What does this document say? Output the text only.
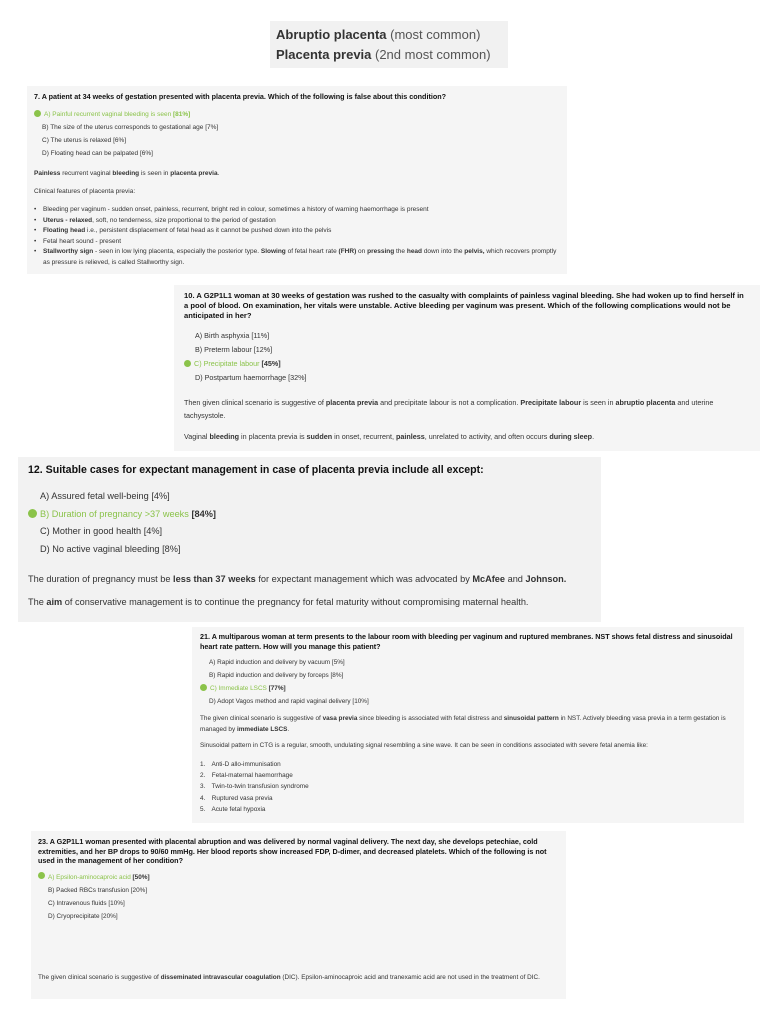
Abruptio placenta (most common)
Placenta previa (2nd most common)
7. A patient at 34 weeks of gestation presented with placenta previa. Which of the following is false about this condition?
A) Painful recurrent vaginal bleeding is seen [81%]
B) The size of the uterus corresponds to gestational age [7%]
C) The uterus is relaxed [6%]
D) Floating head can be palpated [6%]
Painless recurrent vaginal bleeding is seen in placenta previa.
Clinical features of placenta previa:
• Bleeding per vaginum - sudden onset, painless, recurrent, bright red in colour, sometimes a history of warning haemorrhage is present
• Uterus - relaxed, soft, no tenderness, size proportional to the period of gestation
• Floating head i.e., persistent displacement of fetal head as it cannot be pushed down into the pelvis
• Fetal heart sound - present
• Stallworthy sign - seen in low lying placenta, especially the posterior type. Slowing of fetal heart rate (FHR) on pressing the head down into the pelvis, which recovers promptly as pressure is relieved, is called Stallworthy sign.
10. A G2P1L1 woman at 30 weeks of gestation was rushed to the casualty with complaints of painless vaginal bleeding. She had woken up to find herself in a pool of blood. On examination, her vitals were unstable. Active bleeding per vaginum was present. Which of the following complications would not be anticipated in her?
A) Birth asphyxia [11%]
B) Preterm labour [12%]
C) Precipitate labour [45%]
D) Postpartum haemorrhage [32%]
Then given clinical scenario is suggestive of placenta previa and precipitate labour is not a complication. Precipitate labour is seen in abruptio placenta and uterine tachysystole.
Vaginal bleeding in placenta previa is sudden in onset, recurrent, painless, unrelated to activity, and often occurs during sleep.
12. Suitable cases for expectant management in case of placenta previa include all except:
A) Assured fetal well-being [4%]
B) Duration of pregnancy >37 weeks [84%]
C) Mother in good health [4%]
D) No active vaginal bleeding [8%]
The duration of pregnancy must be less than 37 weeks for expectant management which was advocated by McAfee and Johnson.
The aim of conservative management is to continue the pregnancy for fetal maturity without compromising maternal health.
21. A multiparous woman at term presents to the labour room with bleeding per vaginum and ruptured membranes. NST shows fetal distress and sinusoidal heart rate pattern. How will you manage this patient?
A) Rapid induction and delivery by vacuum [5%]
B) Rapid induction and delivery by forceps [8%]
C) Immediate LSCS [77%]
D) Adopt Vagos method and rapid vaginal delivery [10%]
The given clinical scenario is suggestive of vasa previa since bleeding is associated with fetal distress and sinusoidal pattern in NST. Actively bleeding vasa previa in a term gestation is managed by immediate LSCS.
Sinusoidal pattern in CTG is a regular, smooth, undulating signal resembling a sine wave. It can be seen in conditions associated with severe fetal anemia like:
1. Anti-D allo-immunisation
2. Fetal-maternal haemorrhage
3. Twin-to-twin transfusion syndrome
4. Ruptured vasa previa
5. Acute fetal hypoxia
23. A G2P1L1 woman presented with placental abruption and was delivered by normal vaginal delivery. The next day, she develops petechiae, cold extremities, and her BP drops to 90/60 mmHg. Her blood reports show increased FDP, D-dimer, and decreased platelets. Which of the following is not used in the management of her condition?
A) Epsilon-aminocaproic acid [50%]
B) Packed RBCs transfusion [20%]
C) Intravenous fluids [10%]
D) Cryoprecipitate [20%]
The given clinical scenario is suggestive of disseminated intravascular coagulation (DIC). Epsilon-aminocaproic acid and tranexamic acid are not used in the treatment of DIC.
